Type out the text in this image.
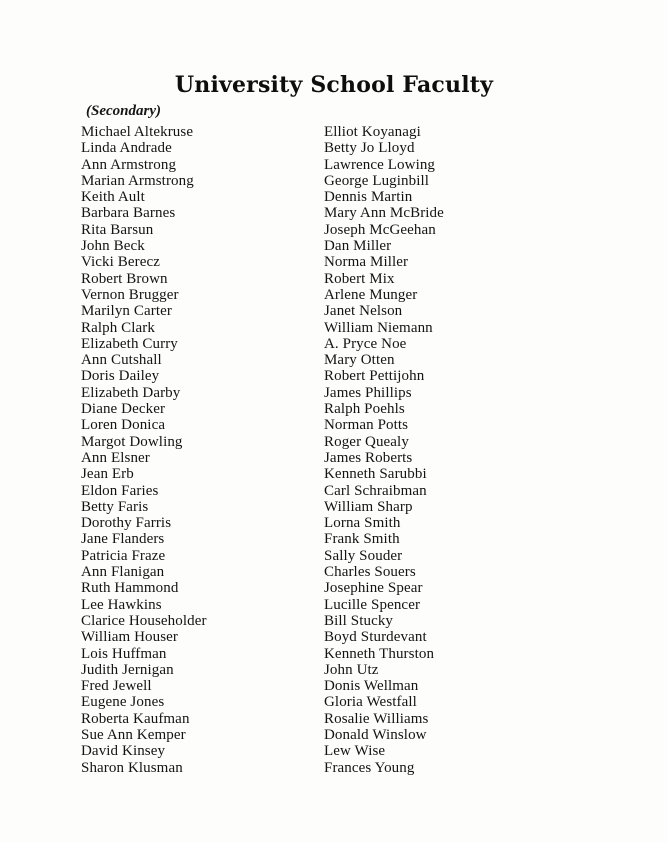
University School Faculty
(Secondary)
Michael Altekruse
Linda Andrade
Ann Armstrong
Marian Armstrong
Keith Ault
Barbara Barnes
Rita Barsun
John Beck
Vicki Berecz
Robert Brown
Vernon Brugger
Marilyn Carter
Ralph Clark
Elizabeth Curry
Ann Cutshall
Doris Dailey
Elizabeth Darby
Diane Decker
Loren Donica
Margot Dowling
Ann Elsner
Jean Erb
Eldon Faries
Betty Faris
Dorothy Farris
Jane Flanders
Patricia Fraze
Ann Flanigan
Ruth Hammond
Lee Hawkins
Clarice Householder
William Houser
Lois Huffman
Judith Jernigan
Fred Jewell
Eugene Jones
Roberta Kaufman
Sue Ann Kemper
David Kinsey
Sharon Klusman
Elliot Koyanagi
Betty Jo Lloyd
Lawrence Lowing
George Luginbill
Dennis Martin
Mary Ann McBride
Joseph McGeehan
Dan Miller
Norma Miller
Robert Mix
Arlene Munger
Janet Nelson
William Niemann
A. Pryce Noe
Mary Otten
Robert Pettijohn
James Phillips
Ralph Poehls
Norman Potts
Roger Quealy
James Roberts
Kenneth Sarubbi
Carl Schraibman
William Sharp
Lorna Smith
Frank Smith
Sally Souder
Charles Souers
Josephine Spear
Lucille Spencer
Bill Stucky
Boyd Sturdevant
Kenneth Thurston
John Utz
Donis Wellman
Gloria Westfall
Rosalie Williams
Donald Winslow
Lew Wise
Frances Young
